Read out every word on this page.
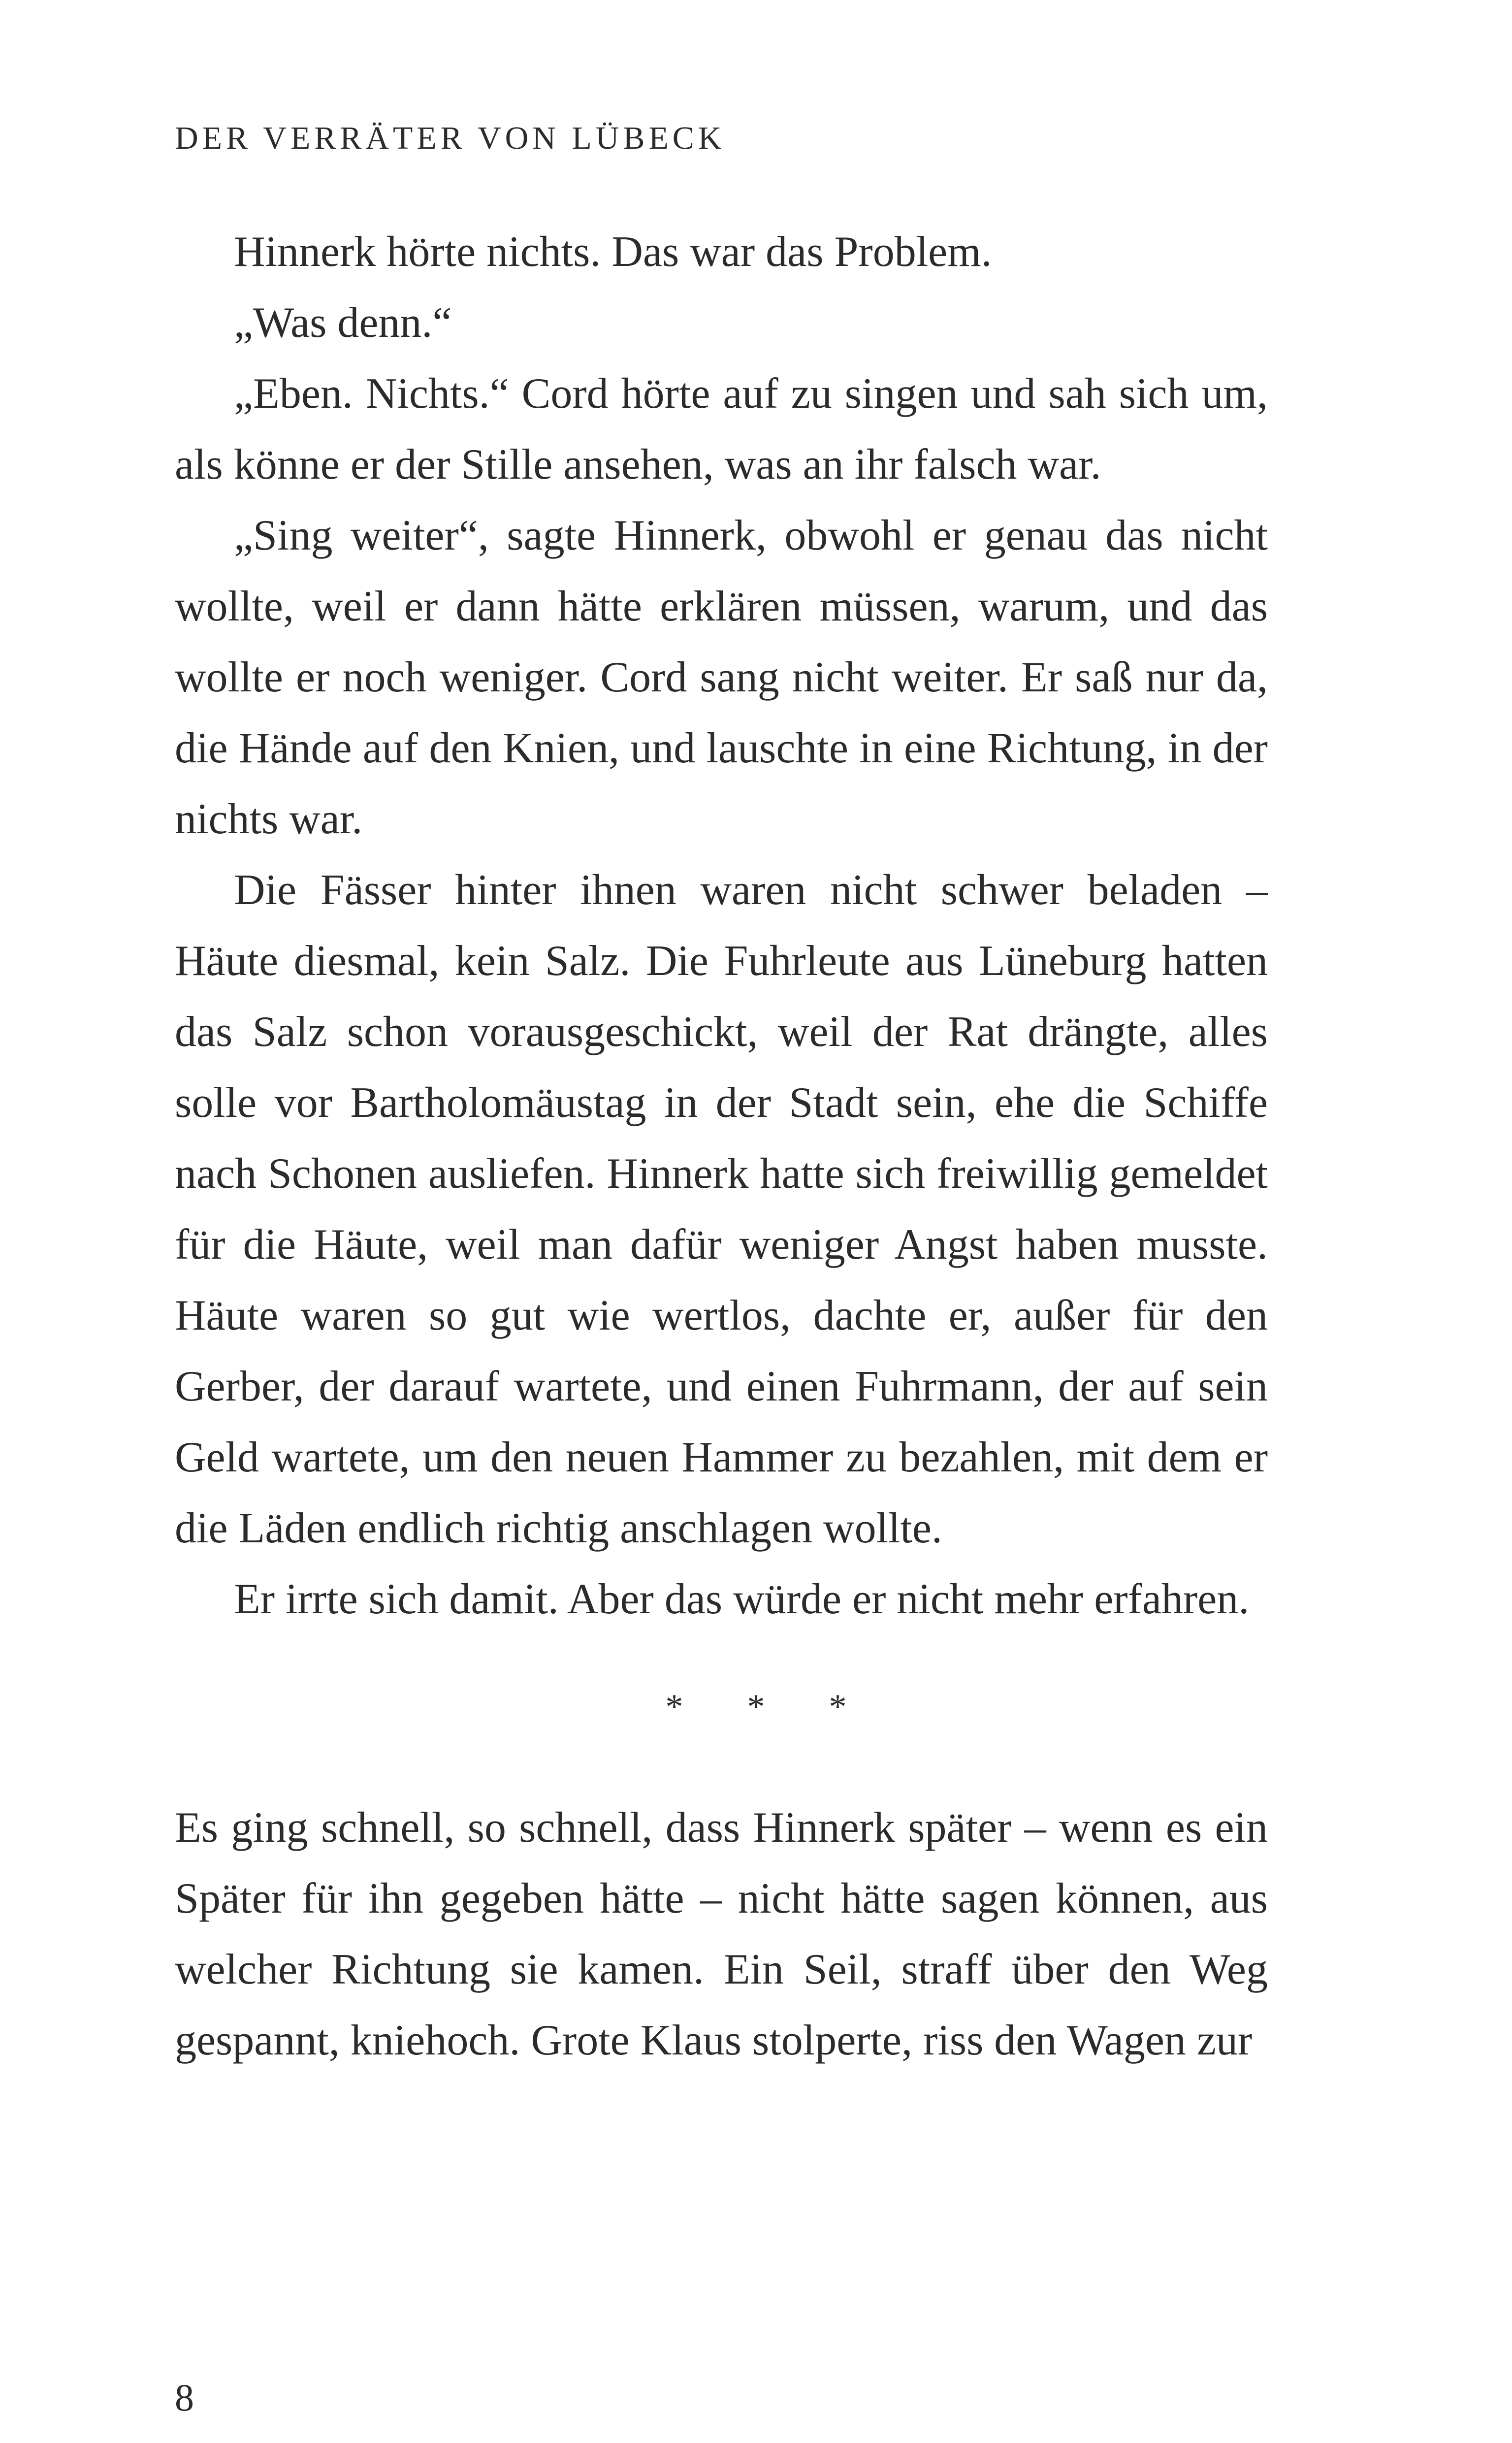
DER VERRÄTER VON LÜBECK

Hinnerk hörte nichts. Das war das Problem.

„Was denn.“

„Eben. Nichts.“ Cord hörte auf zu singen und sah sich um, als könne er der Stille ansehen, was an ihr falsch war.

„Sing weiter“, sagte Hinnerk, obwohl er genau das nicht wollte, weil er dann hätte erklären müssen, warum, und das wollte er noch weniger. Cord sang nicht weiter. Er saß nur da, die Hände auf den Knien, und lauschte in eine Richtung, in der nichts war.

Die Fässer hinter ihnen waren nicht schwer beladen – Häute diesmal, kein Salz. Die Fuhrleute aus Lüneburg hatten das Salz schon vorausgeschickt, weil der Rat drängte, alles solle vor Bartholomäustag in der Stadt sein, ehe die Schiffe nach Schonen ausliefen. Hinnerk hatte sich freiwillig gemeldet für die Häute, weil man dafür weniger Angst haben musste. Häute waren so gut wie wertlos, dachte er, außer für den Gerber, der darauf wartete, und einen Fuhrmann, der auf sein Geld wartete, um den neuen Hammer zu bezahlen, mit dem er die Läden endlich richtig anschlagen wollte.

Er irrte sich damit. Aber das würde er nicht mehr erfahren.

* * *

Es ging schnell, so schnell, dass Hinnerk später – wenn es ein Später für ihn gegeben hätte – nicht hätte sagen können, aus welcher Richtung sie kamen. Ein Seil, straff über den Weg gespannt, kniehoch. Grote Klaus stolperte, riss den Wagen zur

8
